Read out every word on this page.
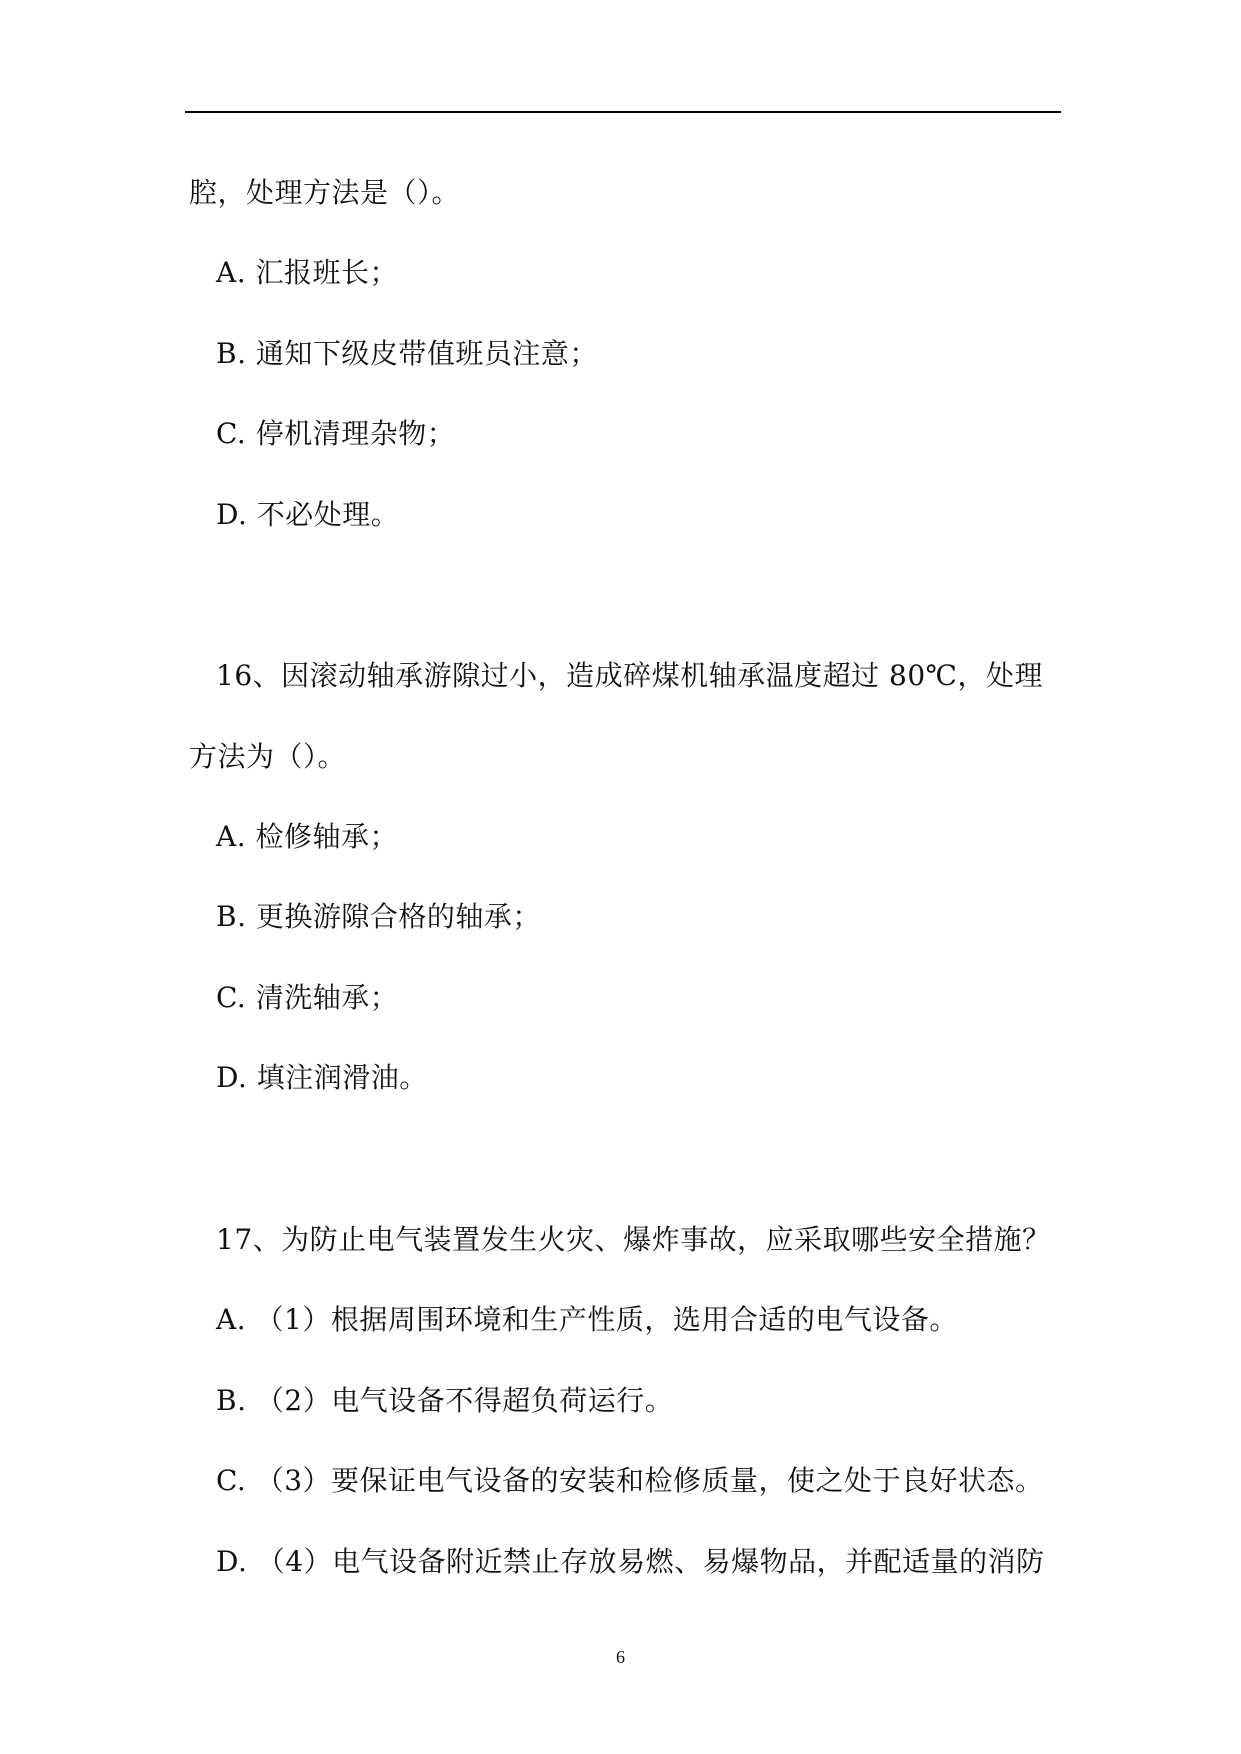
腔，处理方法是（）。
A. 汇报班长；
B. 通知下级皮带值班员注意；
C. 停机清理杂物；
D. 不必处理。
16、因滚动轴承游隙过小，造成碎煤机轴承温度超过 80℃，处理
方法为（）。
A. 检修轴承；
B. 更换游隙合格的轴承；
C. 清洗轴承；
D. 填注润滑油。
17、为防止电气装置发生火灾、爆炸事故，应采取哪些安全措施？
A. （1）根据周围环境和生产性质，选用合适的电气设备。
B. （2）电气设备不得超负荷运行。
C. （3）要保证电气设备的安装和检修质量，使之处于良好状态。
D. （4）电气设备附近禁止存放易燃、易爆物品，并配适量的消防
6
